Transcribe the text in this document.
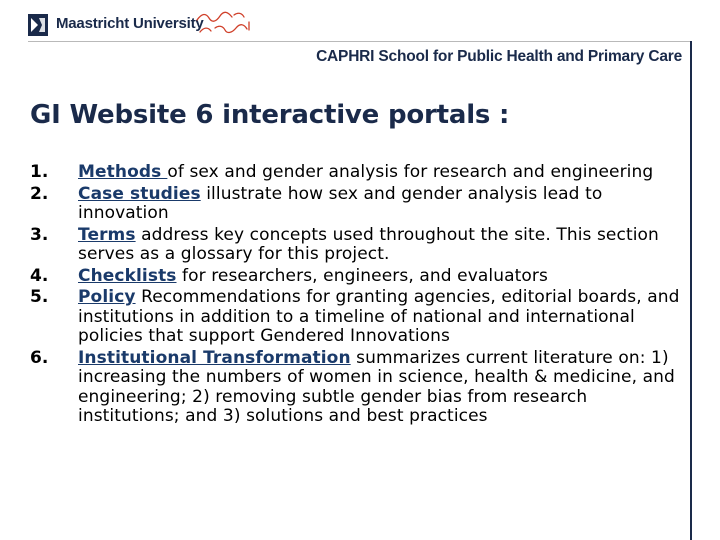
Maastricht University
CAPHRI School for Public Health and Primary Care
GI Website 6 interactive portals :
1.	Methods of sex and gender analysis for research and engineering
2.	Case studies illustrate how sex and gender analysis lead to innovation
3.	Terms address key concepts used throughout the site. This section serves as a glossary for this project.
4.	Checklists for researchers, engineers, and evaluators
5.	Policy Recommendations for granting agencies, editorial boards, and institutions in addition to a timeline of national and international policies that support Gendered Innovations
6.	Institutional Transformation summarizes current literature on: 1) increasing the numbers of women in science, health & medicine, and engineering; 2) removing subtle gender bias from research institutions; and 3) solutions and best practices
